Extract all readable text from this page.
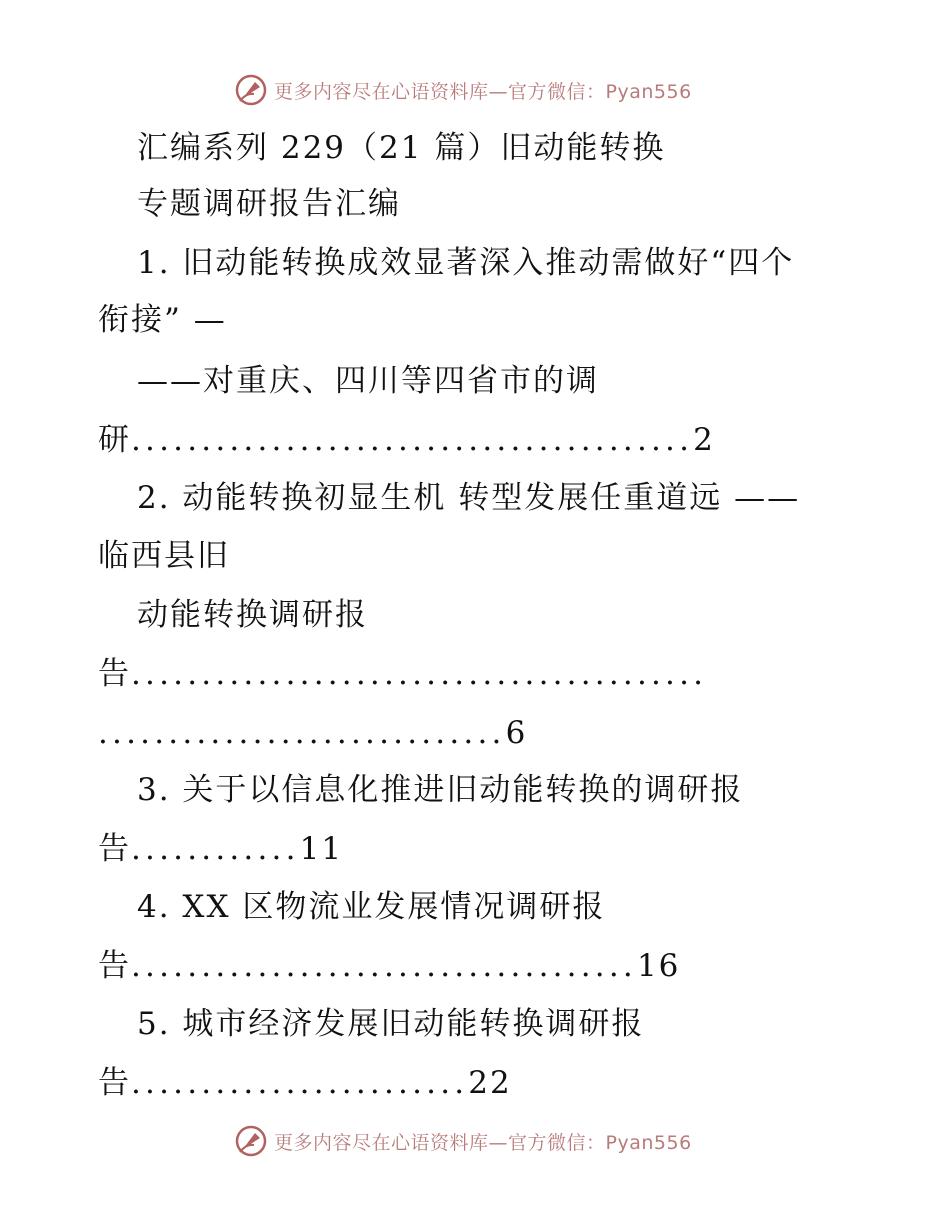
更多内容尽在心语资料库—官方微信：Pyan556
汇编系列 229（21 篇）旧动能转换
专题调研报告汇编
1. 旧动能转换成效显著深入推动需做好“四个
衔接” —
——对重庆、四川等四省市的调
研........................................2
2. 动能转换初显生机 转型发展任重道远 ——
临西县旧
动能转换调研报
告.........................................
.............................6
3. 关于以信息化推进旧动能转换的调研报
告............11
4. XX 区物流业发展情况调研报
告....................................16
5. 城市经济发展旧动能转换调研报
告........................22
更多内容尽在心语资料库—官方微信：Pyan556
